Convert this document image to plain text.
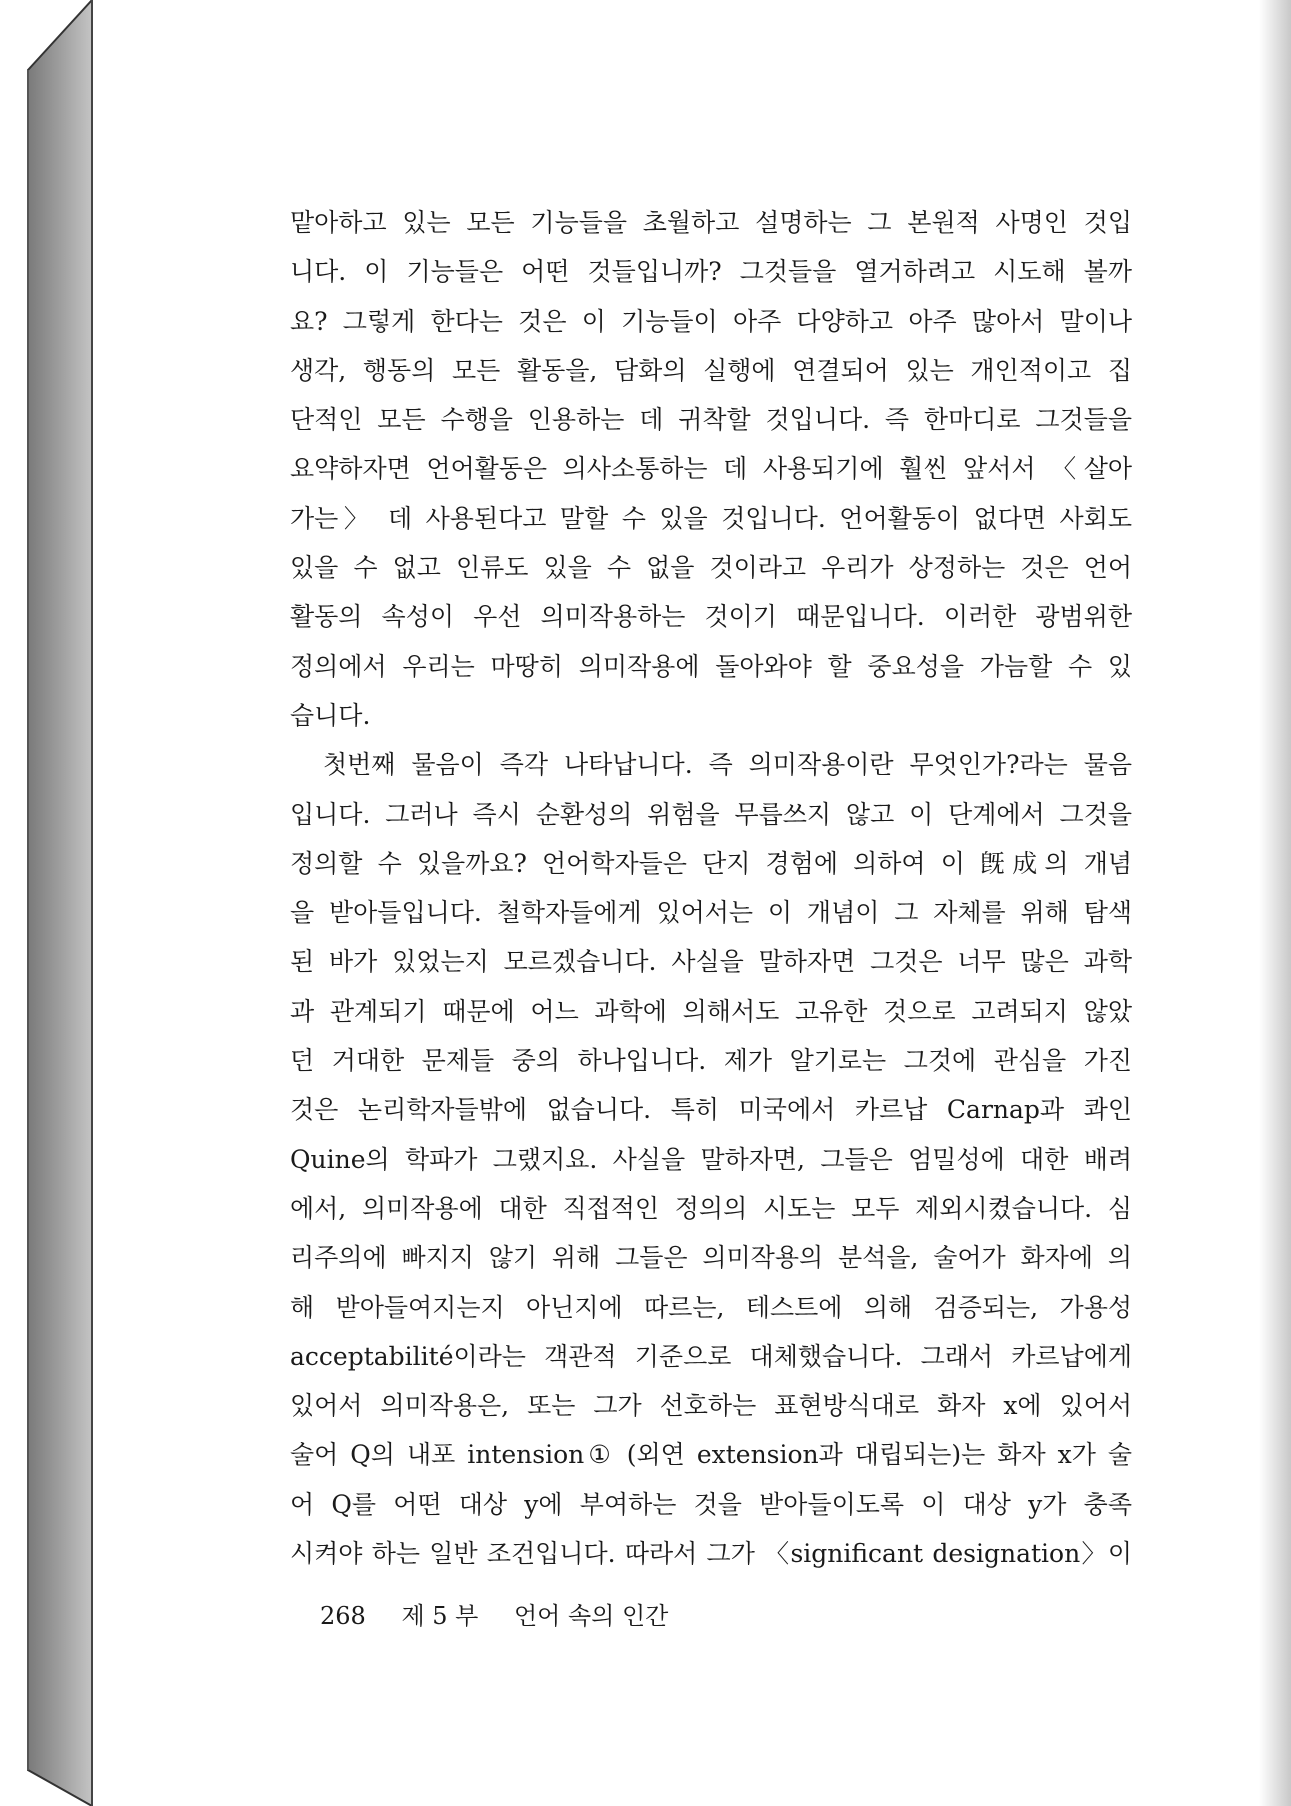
맡아하고 있는 모든 기능들을 초월하고 설명하는 그 본원적 사명인 것입
니다. 이 기능들은 어떤 것들입니까? 그것들을 열거하려고 시도해 볼까
요? 그렇게 한다는 것은 이 기능들이 아주 다양하고 아주 많아서 말이나
생각, 행동의 모든 활동을, 담화의 실행에 연결되어 있는 개인적이고 집
단적인 모든 수행을 인용하는 데 귀착할 것입니다. 즉 한마디로 그것들을
요약하자면 언어활동은 의사소통하는 데 사용되기에 훨씬 앞서서 〈살아
가는〉 데 사용된다고 말할 수 있을 것입니다. 언어활동이 없다면 사회도
있을 수 없고 인류도 있을 수 없을 것이라고 우리가 상정하는 것은 언어
활동의 속성이 우선 의미작용하는 것이기 때문입니다. 이러한 광범위한
정의에서 우리는 마땅히 의미작용에 돌아와야 할 중요성을 가늠할 수 있
습니다.
　첫번째 물음이 즉각 나타납니다. 즉 의미작용이란 무엇인가?라는 물음
입니다. 그러나 즉시 순환성의 위험을 무릅쓰지 않고 이 단계에서 그것을
정의할 수 있을까요? 언어학자들은 단지 경험에 의하여 이 旣成의 개념
을 받아들입니다. 철학자들에게 있어서는 이 개념이 그 자체를 위해 탐색
된 바가 있었는지 모르겠습니다. 사실을 말하자면 그것은 너무 많은 과학
과 관계되기 때문에 어느 과학에 의해서도 고유한 것으로 고려되지 않았
던 거대한 문제들 중의 하나입니다. 제가 알기로는 그것에 관심을 가진
것은 논리학자들밖에 없습니다. 특히 미국에서 카르납 Carnap과 콰인
Quine의 학파가 그랬지요. 사실을 말하자면, 그들은 엄밀성에 대한 배려
에서, 의미작용에 대한 직접적인 정의의 시도는 모두 제외시켰습니다. 심
리주의에 빠지지 않기 위해 그들은 의미작용의 분석을, 술어가 화자에 의
해 받아들여지는지 아닌지에 따르는, 테스트에 의해 검증되는, 가용성
acceptabilité이라는 객관적 기준으로 대체했습니다. 그래서 카르납에게
있어서 의미작용은, 또는 그가 선호하는 표현방식대로 화자 x에 있어서
술어 Q의 내포 intension① (외연 extension과 대립되는)는 화자 x가 술
어 Q를 어떤 대상 y에 부여하는 것을 받아들이도록 이 대상 y가 충족
시켜야 하는 일반 조건입니다. 따라서 그가 〈significant designation〉이
268 제 5 부 언어 속의 인간
